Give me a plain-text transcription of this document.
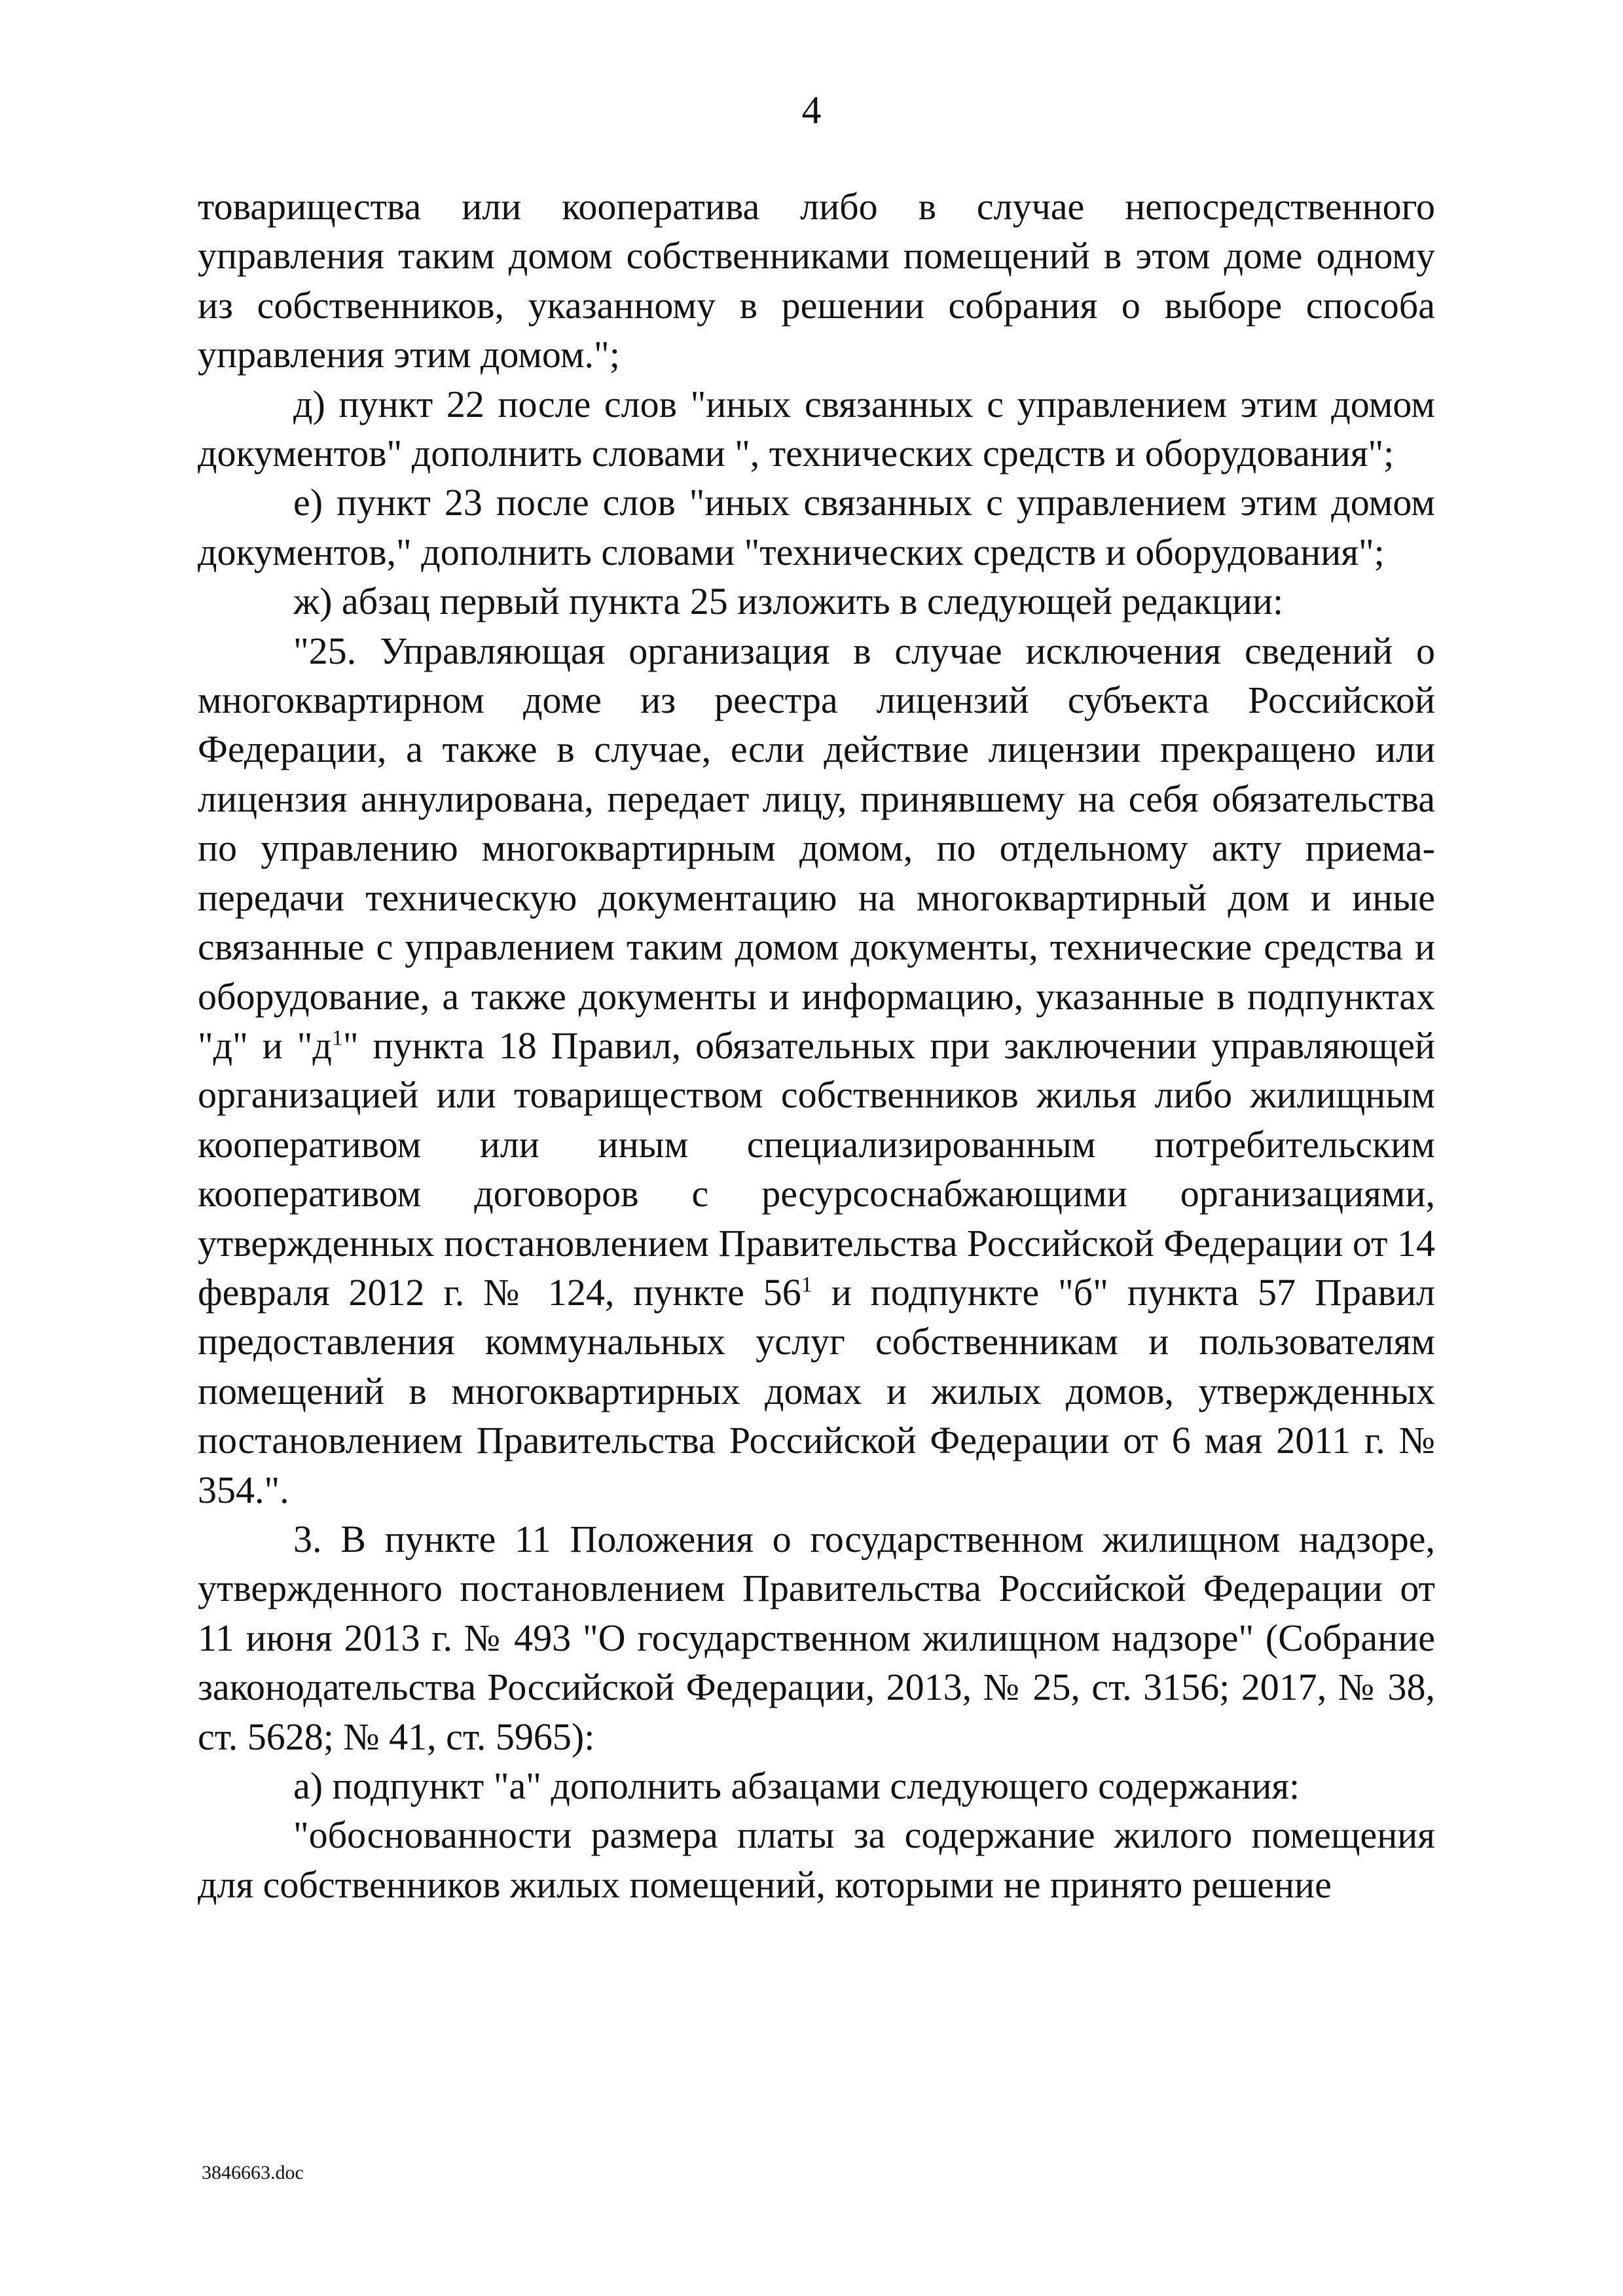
4

товарищества или кооператива либо в случае непосредственного управления таким домом собственниками помещений в этом доме одному из собственников, указанному в решении собрания о выборе способа управления этим домом.";

д) пункт 22 после слов "иных связанных с управлением этим домом документов" дополнить словами ", технических средств и оборудования";

е) пункт 23 после слов "иных связанных с управлением этим домом документов," дополнить словами "технических средств и оборудования";

ж) абзац первый пункта 25 изложить в следующей редакции:

"25. Управляющая организация в случае исключения сведений о многоквартирном доме из реестра лицензий субъекта Российской Федерации, а также в случае, если действие лицензии прекращено или лицензия аннулирована, передает лицу, принявшему на себя обязательства по управлению многоквартирным домом, по отдельному акту приема-передачи техническую документацию на многоквартирный дом и иные связанные с управлением таким домом документы, технические средства и оборудование, а также документы и информацию, указанные в подпунктах "д" и "$д^1$" пункта 18 Правил, обязательных при заключении управляющей организацией или товариществом собственников жилья либо жилищным кооперативом или иным специализированным потребительским кооперативом договоров с ресурсоснабжающими организациями, утвержденных постановлением Правительства Российской Федерации от 14 февраля 2012 г. № 124, пункте $56^1$ и подпункте "б" пункта 57 Правил предоставления коммунальных услуг собственникам и пользователям помещений в многоквартирных домах и жилых домов, утвержденных постановлением Правительства Российской Федерации от 6 мая 2011 г. № 354.".

3. В пункте 11 Положения о государственном жилищном надзоре, утвержденного постановлением Правительства Российской Федерации от 11 июня 2013 г. № 493 "О государственном жилищном надзоре" (Собрание законодательства Российской Федерации, 2013, № 25, ст. 3156; 2017, № 38, ст. 5628; № 41, ст. 5965):

а) подпункт "а" дополнить абзацами следующего содержания:

"обоснованности размера платы за содержание жилого помещения для собственников жилых помещений, которыми не принято решение

3846663.doc
